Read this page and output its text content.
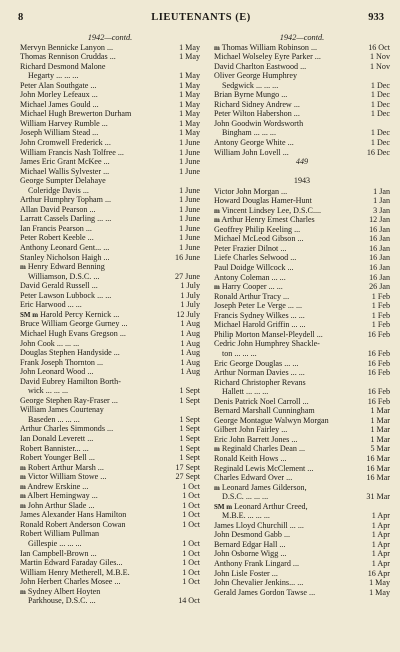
8	LIEUTENANTS (E)	933
1942—contd.
Mervyn Bennicke Lanyon ...	1 May
Thomas Rennison Cruddas ...	1 May
Richard Desmond Malone
Hegarty ... ... ...	1 May
Peter Alan Southgate ...	1 May
John Morley Lefeaux ...	1 May
Michael James Gould ...	1 May
Michael Hugh Brewerton Durham	1 May
William Harvey Rumble ...	1 May
Joseph William Stead ...	1 May
John Cromwell Frederick ...	1 June
William Francis Nash Tolfree ...	1 June
James Eric Grant McKee ...	1 June
Michael Wallis Sylvester ...	1 June
George Sumpter Delahaye
Coleridge Davis ...	1 June
Arthur Humphry Topham ...	1 June
Allan David Pearson ...	1 June
Larratt Cassels Darling ... ...	1 June
Ian Francis Pearson ...	1 June
Peter Robert Keeble ...	1 June
Anthony Leonard Gent... ...	1 June
Stanley Nicholson Haigh ...	16 June
m Henry Edward Benning
Williamson, D.S.C. ...	27 June
David Gerald Russell ...	1 July
Peter Lawson Lubbock ... ...	1 July
Eric Harwood ... ...	1 July
SM m Harold Percy Kernick ...	12 July
Bruce William George Gurney ...	1 Aug
Michael Hugh Evans Gregson ...	1 Aug
John Cook ... ... ...	1 Aug
Douglas Stephen Handyside ...	1 Aug
Frank Joseph Thornton ...	1 Aug
John Leonard Wood ...	1 Aug
David Eubrey Hamilton Borth-
wick ... ... ...	1 Sept
George Stephen Ray-Fraser ...	1 Sept
William James Courtenay
Baseden ... ... ...	1 Sept
Arthur Charles Simmonds ...	1 Sept
Ian Donald Leverett ...	1 Sept
Robert Bannister... ...	1 Sept
Robert Younger Bell ...	1 Sept
m Robert Arthur Marsh ...	17 Sept
m Victor William Stowe ...	27 Sept
m Andrew Erskine ...	1 Oct
m Albert Hemingway ...	1 Oct
m John Arthur Slade ...	1 Oct
James Alexander Hans Hamilton	1 Oct
Ronald Robert Anderson Cowan	1 Oct
Robert William Pullman
Gillespie ... ... ...	1 Oct
Ian Campbell-Brown ...	1 Oct
Martin Edward Faraday Giles...	1 Oct
William Henry Metherell, M.B.E.	1 Oct
John Herbert Charles Mosee ...	1 Oct
m Sydney Albert Hoyten
Parkhouse, D.S.C. ...	14 Oct
1942—contd.
m Thomas William Robinson ...	16 Oct
Michael Wolseley Eyre Parker ...	1 Nov
David Charlton Eastwood ...	1 Nov
Oliver George Humphrey
Sedgwick ... ... ...	1 Dec
Brian Byrne Mungo ...	1 Dec
Richard Sidney Andrew ...	1 Dec
Peter Wilton Habershon ...	1 Dec
John Goodwin Wordsworth
Bingham ... ... ...	1 Dec
Antony George White ...	1 Dec
William John Lovell ...	16 Dec
449
1943
Victor John Morgan ...	1 Jan
Howard Douglas Hamer-Hunt	1 Jan
m Vincent Lindsey Lee, D.S.C....	3 Jan
m Arthur Henry Ernest Charles	12 Jan
Geoffrey Philip Keeling ...	16 Jan
Michael McLeod Gibson ...	16 Jan
Peter Frazier Dilnot ...	16 Jan
Liefe Charles Selwood ...	16 Jan
Paul Doidge Willcock ...	16 Jan
Antony Coleman ... ...	16 Jan
m Harry Cooper ... ...	26 Jan
Ronald Arthur Tracy ...	1 Feb
Joseph Peter Le Verge ... ...	1 Feb
Francis Sydney Wilkes ... ...	1 Feb
Michael Harold Griffin ... ...	1 Feb
Philip Morton Mansel-Pleydell ...	16 Feb
Cedric John Humphrey Shackle-
ton ... ... ...	16 Feb
Eric George Douglas ... ...	16 Feb
Arthur Norman Davies ... ...	16 Feb
Richard Christopher Revans
Hallett ... ... ...	16 Feb
Denis Patrick Noel Carroll ...	16 Feb
Bernard Marshall Cunningham	1 Mar
George Montague Walwyn Morgan	1 Mar
Gilbert John Fairley ...	1 Mar
Eric John Barrett Jones ...	1 Mar
m Reginald Charles Dean ...	5 Mar
Ronald Keith Hows ...	16 Mar
Reginald Lewis McClement ...	16 Mar
Charles Edward Over ...	16 Mar
m Leonard James Gilderson,
D.S.C. ... ... ...	31 Mar
SM m Leonard Arthur Creed,
M.B.E. ... ... ...	1 Apr
James Lloyd Churchill ... ...	1 Apr
John Desmond Gabb ...	1 Apr
Bernard Edgar Hall ...	1 Apr
John Osborne Wigg ...	1 Apr
Anthony Frank Lingard ...	1 Apr
John Lisle Foster ...	16 Apr
John Chevalier Jenkins... ...	1 May
Gerald James Gordon Tawse ...	1 May
